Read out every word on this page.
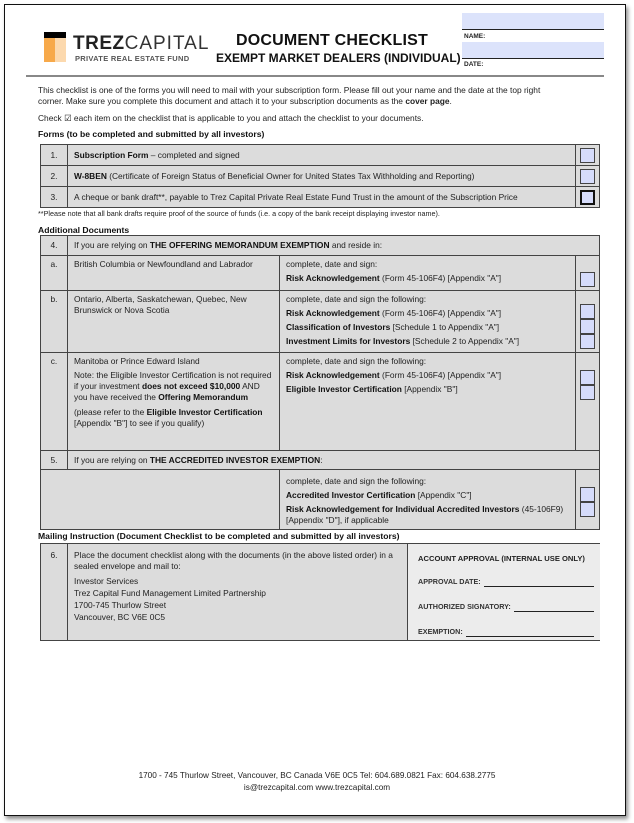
TREZCAPITAL
PRIVATE REAL ESTATE FUND
DOCUMENT CHECKLIST
EXEMPT MARKET DEALERS (INDIVIDUAL)
NAME:
DATE:
This checklist is one of the forms you will need to mail with your subscription form. Please fill out your name and the date at the top right
corner. Make sure you complete this document and attach it to your subscription documents as the cover page.
Check ☑ each item on the checklist that is applicable to you and attach the checklist to your documents.
Forms (to be completed and submitted by all investors)
1.	Subscription Form – completed and signed	

2.	W-8BEN (Certificate of Foreign Status of Beneficial Owner for United States Tax Withholding and Reporting)	

3.	A cheque or bank draft**, payable to Trez Capital Private Real Estate Fund Trust in the amount of the Subscription Price	
**Please note that all bank drafts require proof of the source of funds (i.e. a copy of the bank receipt displaying investor name).
Additional Documents
4.	If you are relying on THE OFFERING MEMORANDUM EXEMPTION and reside in:		
a.	British Columbia or Newfoundland and Labrador	complete, date and sign:
Risk Acknowledgement (Form 45-106F4) [Appendix "A"]	

b.	Ontario, Alberta, Saskatchewan, Quebec, New Brunswick or Nova Scotia	complete, date and sign the following:
Risk Acknowledgement (Form 45-106F4) [Appendix "A"]
Classification of Investors [Schedule 1 to Appendix "A"]
Investment Limits for Investors [Schedule 2 to Appendix "A"]	

c.	Manitoba or Prince Edward Island
Note: the Eligible Investor Certification is not required if your investment does not exceed $10,000 AND you have received the Offering Memorandum
(please refer to the Eligible Investor Certification [Appendix "B"] to see if you qualify)

complete, date and sign the following:
Risk Acknowledgement (Form 45-106F4) [Appendix "A"]
Eligible Investor Certification [Appendix "B"]

5.	If you are relying on THE ACCREDITED INVESTOR EXEMPTION:		

		complete, date and sign the following:
Accredited Investor Certification [Appendix "C"]
Risk Acknowledgement for Individual Accredited Investors (45-106F9) [Appendix "D"], if applicable	

Mailing Instruction (Document Checklist to be completed and submitted by all investors)
6.	Place the document checklist along with the documents (in the above listed order) in a sealed envelope and mail to:
Investor Services
Trez Capital Fund Management Limited Partnership
1700-745 Thurlow Street
Vancouver, BC V6E 0C5

ACCOUNT APPROVAL (INTERNAL USE ONLY)
APPROVAL DATE:
AUTHORIZED SIGNATORY:
EXEMPTION:
1700 - 745 Thurlow Street, Vancouver, BC Canada V6E 0C5 Tel: 604.689.0821 Fax: 604.638.2775
is@trezcapital.com www.trezcapital.com
